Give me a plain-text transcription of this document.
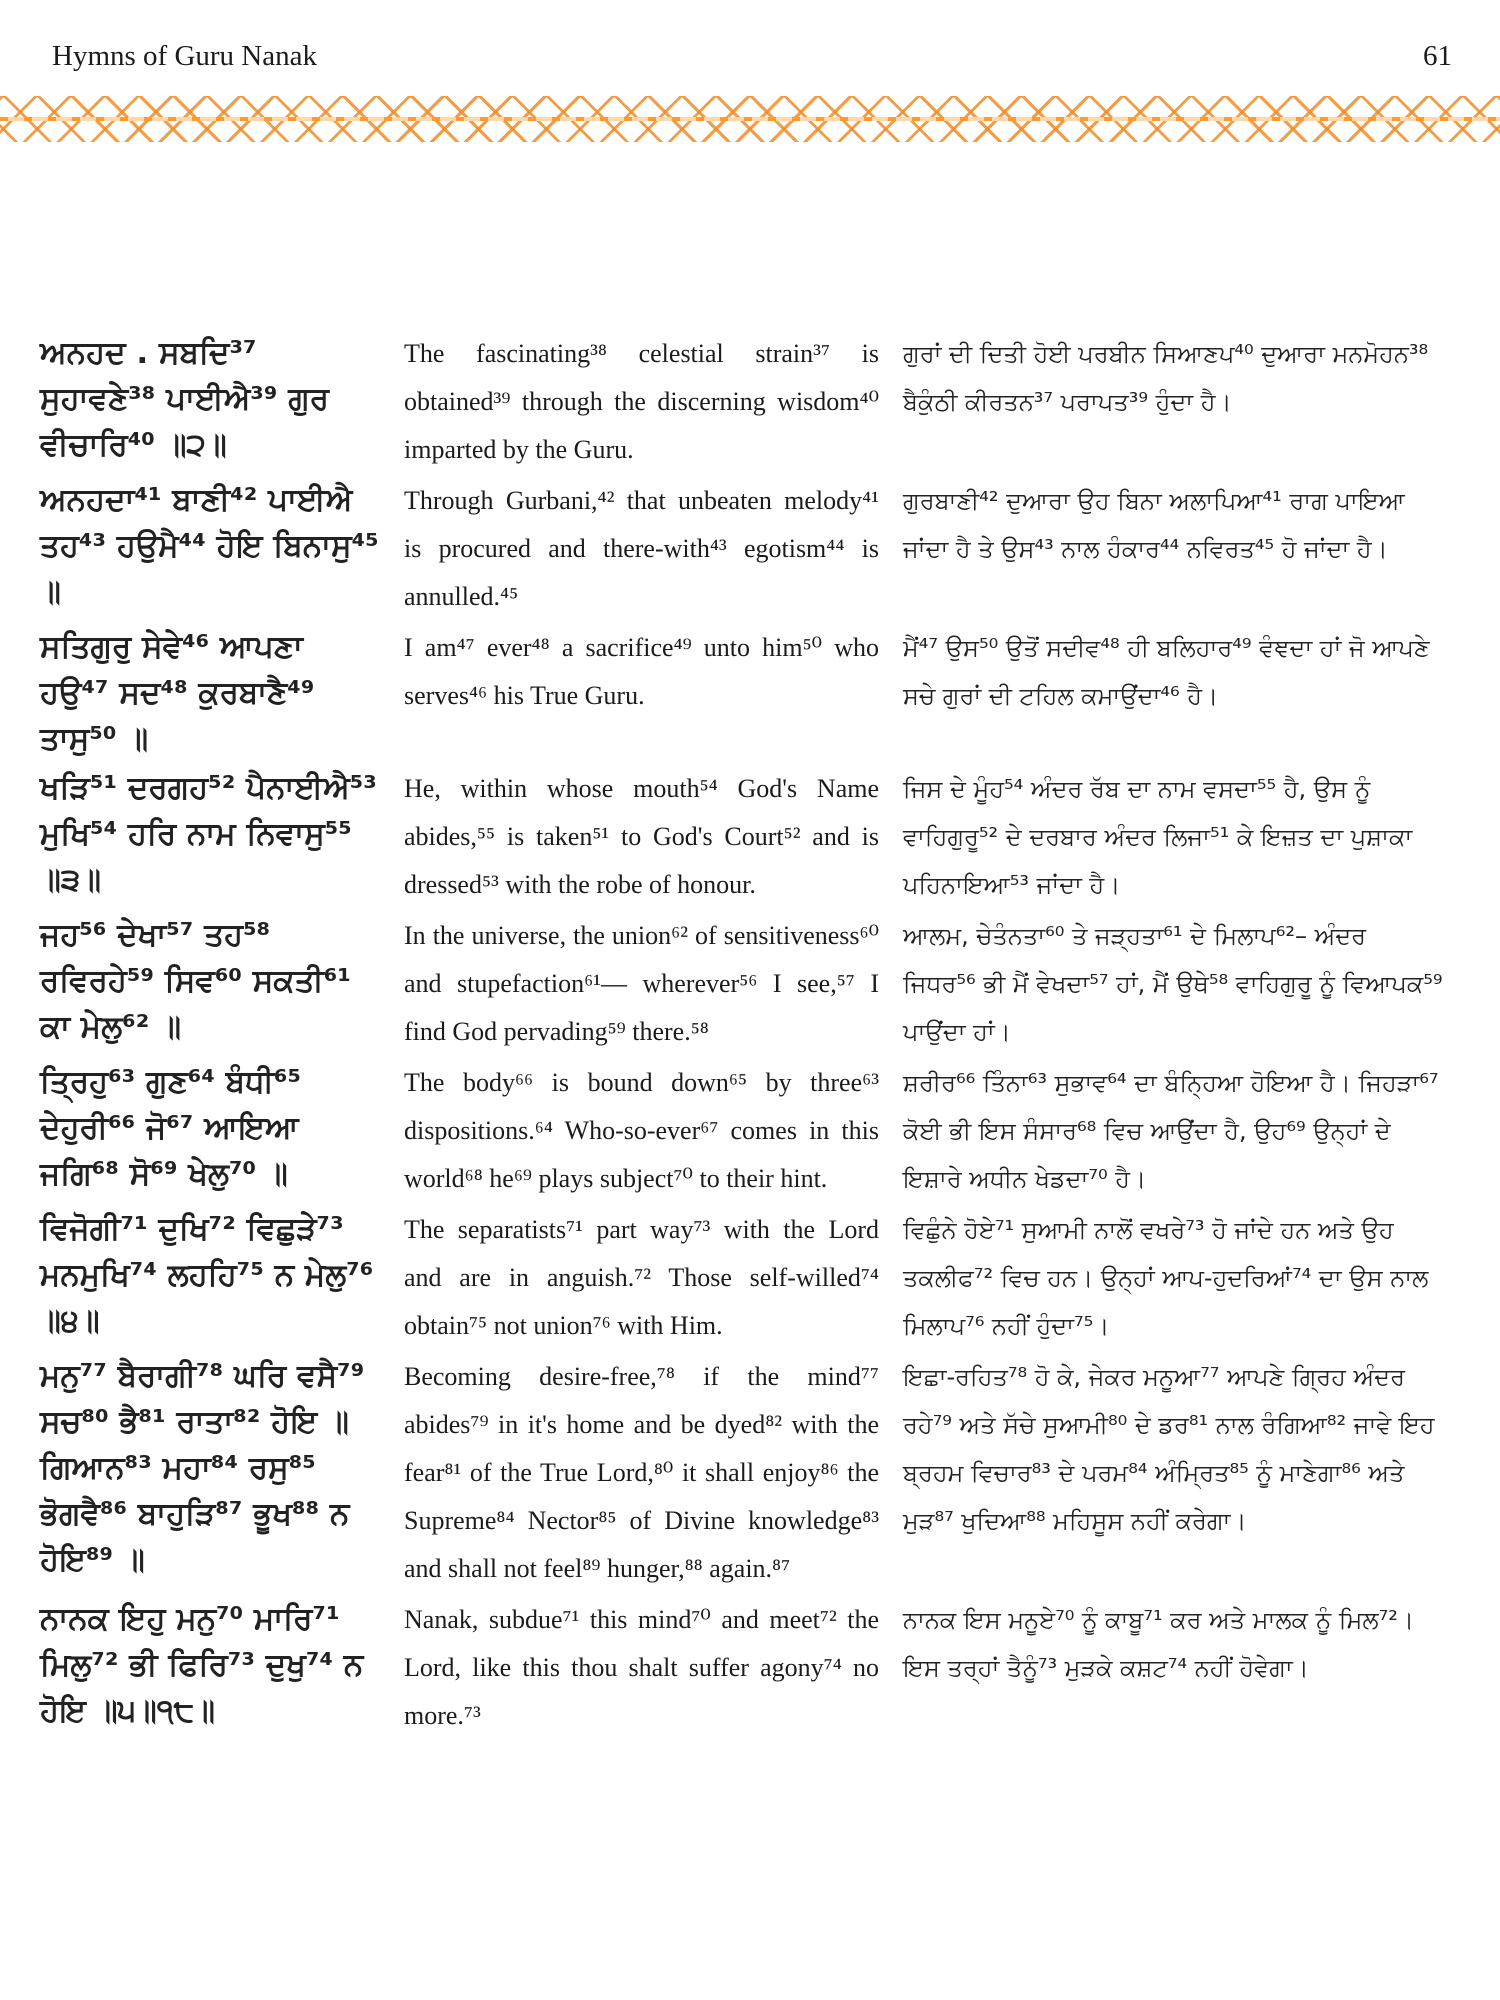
Hymns of Guru Nanak	61
ਅਨਹਦ . ਸਬਦਿ³⁷ ਸੁਹਾਵਣੇ³⁸ ਪਾਈਐ³⁹ ਗੁਰ ਵੀਚਾਰਿ⁴⁰ ॥੨॥
The fascinating³⁸ celestial strain³⁷ is obtained³⁹ through the discerning wisdom⁴⁰ imparted by the Guru.
ਗੁਰਾਂ ਦੀ ਦਿਤੀ ਹੋਈ ਪਰਬੀਨ ਸਿਆਣਪ⁴⁰ ਦੁਆਰਾ ਮਨਮੋਹਨ³⁸ ਬੈਕੁੰਠੀ ਕੀਰਤਨ³⁷ ਪਰਾਪਤ³⁹ ਹੁੰਦਾ ਹੈ।
ਅਨਹਦਾ⁴¹ ਬਾਣੀ⁴² ਪਾਈਐ ਤਹ⁴³ ਹਉਮੈ⁴⁴ ਹੋਇ ਬਿਨਾਸੁ⁴⁵ ॥
Through Gurbani,⁴² that unbeaten melody⁴¹ is procured and there-with⁴³ egotism⁴⁴ is annulled.⁴⁵
ਗੁਰਬਾਣੀ⁴² ਦੁਆਰਾ ਉਹ ਬਿਨਾ ਅਲਾਪਿਆ⁴¹ ਰਾਗ ਪਾਇਆ ਜਾਂਦਾ ਹੈ ਤੇ ਉਸ⁴³ ਨਾਲ ਹੰਕਾਰ⁴⁴ ਨਵਿਰਤ⁴⁵ ਹੋ ਜਾਂਦਾ ਹੈ।
ਸਤਿਗੁਰੁ ਸੇਵੇ⁴⁶ ਆਪਣਾ ਹਉ⁴⁷ ਸਦ⁴⁸ ਕੁਰਬਾਣੈ⁴⁹ ਤਾਸੁ⁵⁰ ॥
I am⁴⁷ ever⁴⁸ a sacrifice⁴⁹ unto him⁵⁰ who serves⁴⁶ his True Guru.
ਮੈਂ⁴⁷ ਉਸ⁵⁰ ਉਤੋਂ ਸਦੀਵ⁴⁸ ਹੀ ਬਲਿਹਾਰ⁴⁹ ਵੰਞਦਾ ਹਾਂ ਜੋ ਆਪਣੇ ਸਚੇ ਗੁਰਾਂ ਦੀ ਟਹਿਲ ਕਮਾਉਂਦਾ⁴⁶ ਹੈ।
ਖੜਿ⁵¹ ਦਰਗਹ⁵² ਪੈਨਾਈਐ⁵³ ਮੁਖਿ⁵⁴ ਹਰਿ ਨਾਮ ਨਿਵਾਸੁ⁵⁵ ॥੩॥
He, within whose mouth⁵⁴ God's Name abides,⁵⁵ is taken⁵¹ to God's Court⁵² and is dressed⁵³ with the robe of honour.
ਜਿਸ ਦੇ ਮੂੰਹ⁵⁴ ਅੰਦਰ ਰੱਬ ਦਾ ਨਾਮ ਵਸਦਾ⁵⁵ ਹੈ, ਉਸ ਨੂੰ ਵਾਹਿਗੁਰੂ⁵² ਦੇ ਦਰਬਾਰ ਅੰਦਰ ਲਿਜਾ⁵¹ ਕੇ ਇਜ਼ਤ ਦਾ ਪੁਸ਼ਾਕਾ ਪਹਿਨਾਇਆ⁵³ ਜਾਂਦਾ ਹੈ।
ਜਹ⁵⁶ ਦੇਖਾ⁵⁷ ਤਹ⁵⁸ ਰਵਿਰਹੇ⁵⁹ ਸਿਵ⁶⁰ ਸਕਤੀ⁶¹ ਕਾ ਮੇਲੁ⁶² ॥
In the universe, the union⁶² of sensitiveness⁶⁰ and stupefaction⁶¹— wherever⁵⁶ I see,⁵⁷ I find God pervading⁵⁹ there.⁵⁸
ਆਲਮ, ਚੇਤੰਨਤਾ⁶⁰ ਤੇ ਜੜ੍ਹਤਾ⁶¹ ਦੇ ਮਿਲਾਪ⁶²– ਅੰਦਰ ਜਿਧਰ⁵⁶ ਭੀ ਮੈਂ ਵੇਖਦਾ⁵⁷ ਹਾਂ, ਮੈਂ ਉਥੇ⁵⁸ ਵਾਹਿਗੁਰੂ ਨੂੰ ਵਿਆਪਕ⁵⁹ ਪਾਉਂਦਾ ਹਾਂ।
ਤ੍ਰਿਹੁ⁶³ ਗੁਣ⁶⁴ ਬੰਧੀ⁶⁵ ਦੇਹੁਰੀ⁶⁶ ਜੋ⁶⁷ ਆਇਆ ਜਗਿ⁶⁸ ਸੋ⁶⁹ ਖੇਲੁ⁷⁰ ॥
The body⁶⁶ is bound down⁶⁵ by three⁶³ dispositions.⁶⁴ Who-so-ever⁶⁷ comes in this world⁶⁸ he⁶⁹ plays subject⁷⁰ to their hint.
ਸ਼ਰੀਰ⁶⁶ ਤਿੰਨਾ⁶³ ਸੁਭਾਵ⁶⁴ ਦਾ ਬੰਨ੍ਹਿਆ ਹੋਇਆ ਹੈ। ਜਿਹੜਾ⁶⁷ ਕੋਈ ਭੀ ਇਸ ਸੰਸਾਰ⁶⁸ ਵਿਚ ਆਉਂਦਾ ਹੈ, ਉਹ⁶⁹ ਉਨ੍ਹਾਂ ਦੇ ਇਸ਼ਾਰੇ ਅਧੀਨ ਖੇਡਦਾ⁷⁰ ਹੈ।
ਵਿਜੋਗੀ⁷¹ ਦੁਖਿ⁷² ਵਿਛੁੜੇ⁷³ ਮਨਮੁਖਿ⁷⁴ ਲਹਹਿ⁷⁵ ਨ ਮੇਲੁ⁷⁶ ॥੪॥
The separatists⁷¹ part way⁷³ with the Lord and are in anguish.⁷² Those self-willed⁷⁴ obtain⁷⁵ not union⁷⁶ with Him.
ਵਿਛੁੰਨੇ ਹੋਏ⁷¹ ਸੁਆਮੀ ਨਾਲੋਂ ਵਖਰੇ⁷³ ਹੋ ਜਾਂਦੇ ਹਨ ਅਤੇ ਉਹ ਤਕਲੀਫ⁷² ਵਿਚ ਹਨ। ਉਨ੍ਹਾਂ ਆਪ-ਹੁਦਰਿਆਂ⁷⁴ ਦਾ ਉਸ ਨਾਲ ਮਿਲਾਪ⁷⁶ ਨਹੀਂ ਹੁੰਦਾ⁷⁵।
ਮਨੁ⁷⁷ ਬੈਰਾਗੀ⁷⁸ ਘਰਿ ਵਸੈ⁷⁹ ਸਚ⁸⁰ ਭੈ⁸¹ ਰਾਤਾ⁸² ਹੋਇ ॥ ਗਿਆਨ⁸³ ਮਹਾ⁸⁴ ਰਸੁ⁸⁵ ਭੋਗਵੈ⁸⁶ ਬਾਹੁੜਿ⁸⁷ ਭੂਖ⁸⁸ ਨ ਹੋਇ⁸⁹ ॥
Becoming desire-free,⁷⁸ if the mind⁷⁷ abides⁷⁹ in it's home and be dyed⁸² with the fear⁸¹ of the True Lord,⁸⁰ it shall enjoy⁸⁶ the Supreme⁸⁴ Nector⁸⁵ of Divine knowledge⁸³ and shall not feel⁸⁹ hunger,⁸⁸ again.⁸⁷
ਇਛਾ-ਰਹਿਤ⁷⁸ ਹੋ ਕੇ, ਜੇਕਰ ਮਨੂਆ⁷⁷ ਆਪਣੇ ਗ੍ਰਿਹ ਅੰਦਰ ਰਹੇ⁷⁹ ਅਤੇ ਸੱਚੇ ਸੁਆਮੀ⁸⁰ ਦੇ ਡਰ⁸¹ ਨਾਲ ਰੰਗਿਆ⁸² ਜਾਵੇ ਇਹ ਬ੍ਰਹਮ ਵਿਚਾਰ⁸³ ਦੇ ਪਰਮ⁸⁴ ਅੰਮ੍ਰਿਤ⁸⁵ ਨੂੰ ਮਾਣੇਗਾ⁸⁶ ਅਤੇ ਮੁੜ⁸⁷ ਖੁਦਿਆ⁸⁸ ਮਹਿਸੂਸ ਨਹੀਂ ਕਰੇਗਾ।
ਨਾਨਕ ਇਹੁ ਮਨੁ⁷⁰ ਮਾਰਿ⁷¹ ਮਿਲੁ⁷² ਭੀ ਫਿਰਿ⁷³ ਦੁਖੁ⁷⁴ ਨ ਹੋਇ ॥੫॥੧੮॥
Nanak, subdue⁷¹ this mind⁷⁰ and meet⁷² the Lord, like this thou shalt suffer agony⁷⁴ no more.⁷³
ਨਾਨਕ ਇਸ ਮਨੂਏ⁷⁰ ਨੂੰ ਕਾਬੂ⁷¹ ਕਰ ਅਤੇ ਮਾਲਕ ਨੂੰ ਮਿਲ⁷²। ਇਸ ਤਰ੍ਹਾਂ ਤੈਨੂੰ⁷³ ਮੁੜਕੇ ਕਸ਼ਟ⁷⁴ ਨਹੀਂ ਹੋਵੇਗਾ।
